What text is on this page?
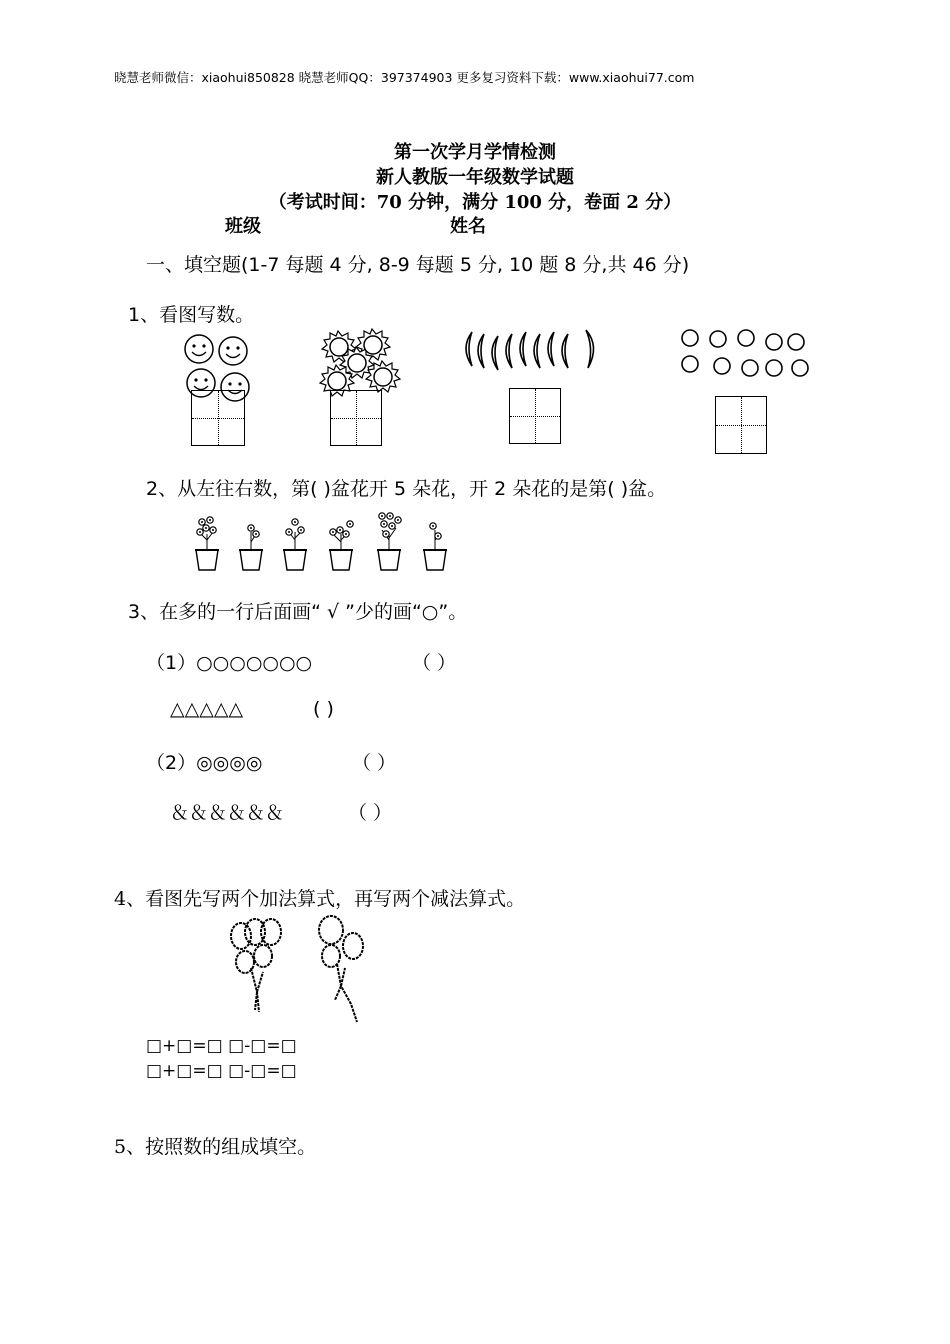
晓慧老师微信：xiaohui850828 晓慧老师QQ：397374903 更多复习资料下载：www.xiaohui77.com
第一次学月学情检测
新人教版一年级数学试题
（考试时间：70 分钟，满分 100 分，卷面 2 分）
班级	姓名
一、填空题(1-7 每题 4 分, 8-9 每题 5 分, 10 题 8 分,共 46 分)
1、看图写数。
2、从左往右数，第( )盆花开 5 朵花，开 2 朵花的是第( )盆。
3、在多的一行后面画“ √ ”少的画“○”。
（1）○○○○○○○	（ ）
△△△△△	( )
（2）◎◎◎◎	（ ）
＆＆＆＆＆＆	（ ）
4、看图先写两个加法算式，再写两个减法算式。
□+□=□ □-□=□
□+□=□ □-□=□
5、按照数的组成填空。
